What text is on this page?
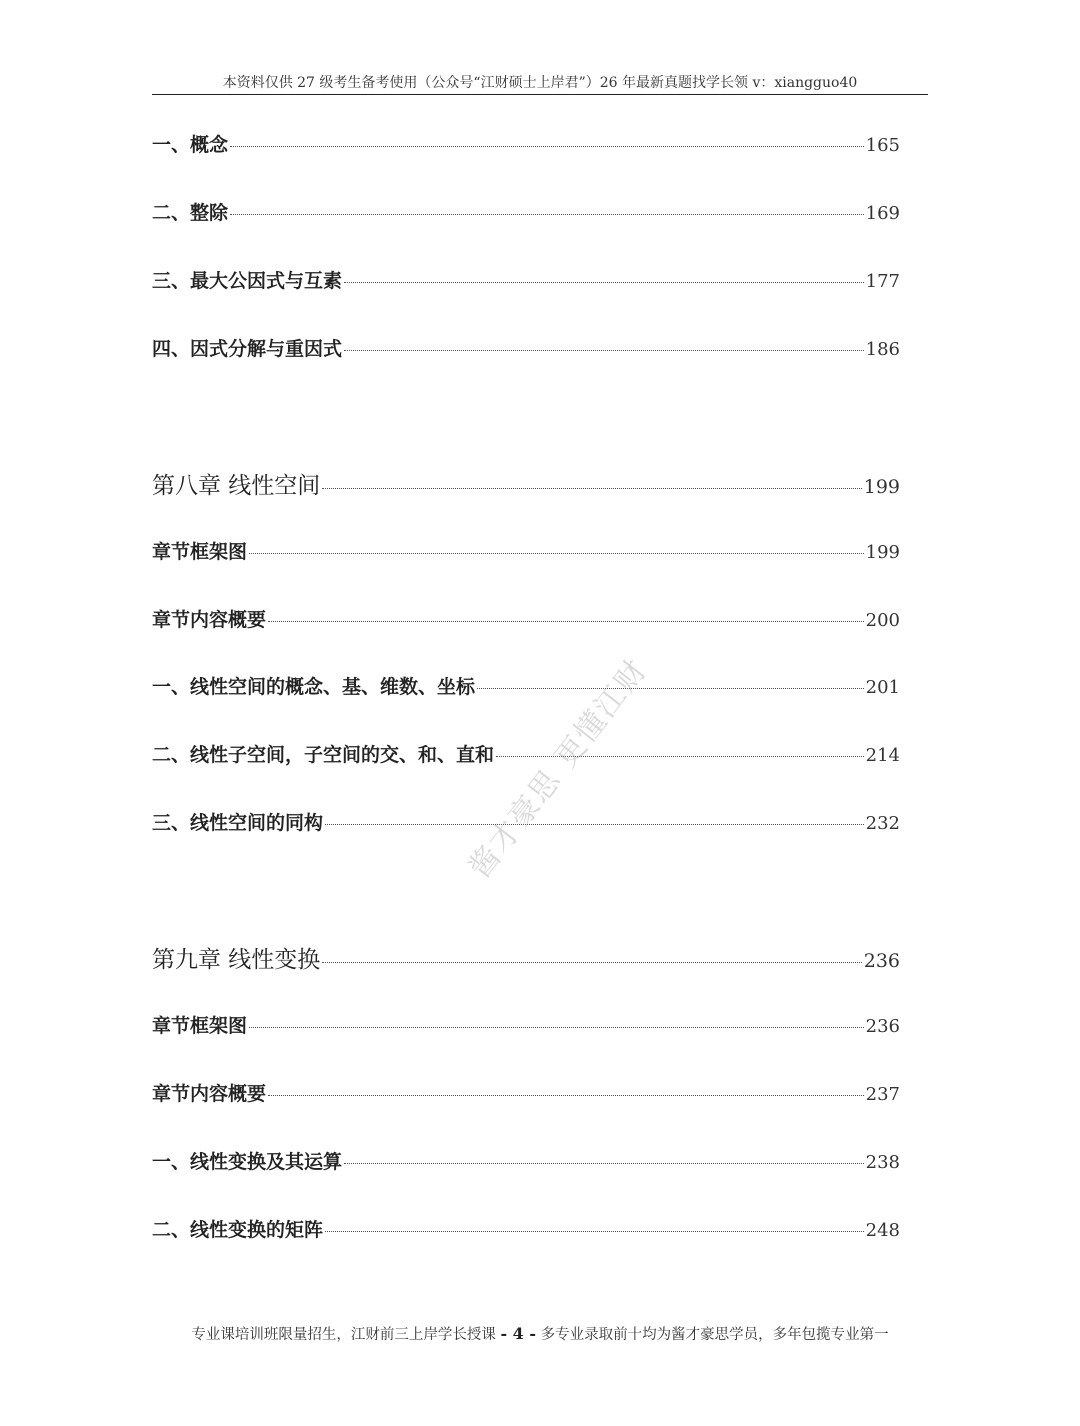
本资料仅供 27 级考生备考使用（公众号“江财硕士上岸君”）26 年最新真题找学长领 v：xiangguo40
一、概念	165
二、整除	169
三、最大公因式与互素	177
四、因式分解与重因式	186
第八章 线性空间	199
章节框架图	199
章节内容概要	200
一、线性空间的概念、基、维数、坐标	201
二、线性子空间，子空间的交、和、直和	214
三、线性空间的同构	232
第九章 线性变换	236
章节框架图	236
章节内容概要	237
一、线性变换及其运算	238
二、线性变换的矩阵	248
酱才豪思 更懂江财
专业课培训班限量招生，江财前三上岸学长授课 - 4 - 多专业录取前十均为酱才豪思学员，多年包揽专业第一
